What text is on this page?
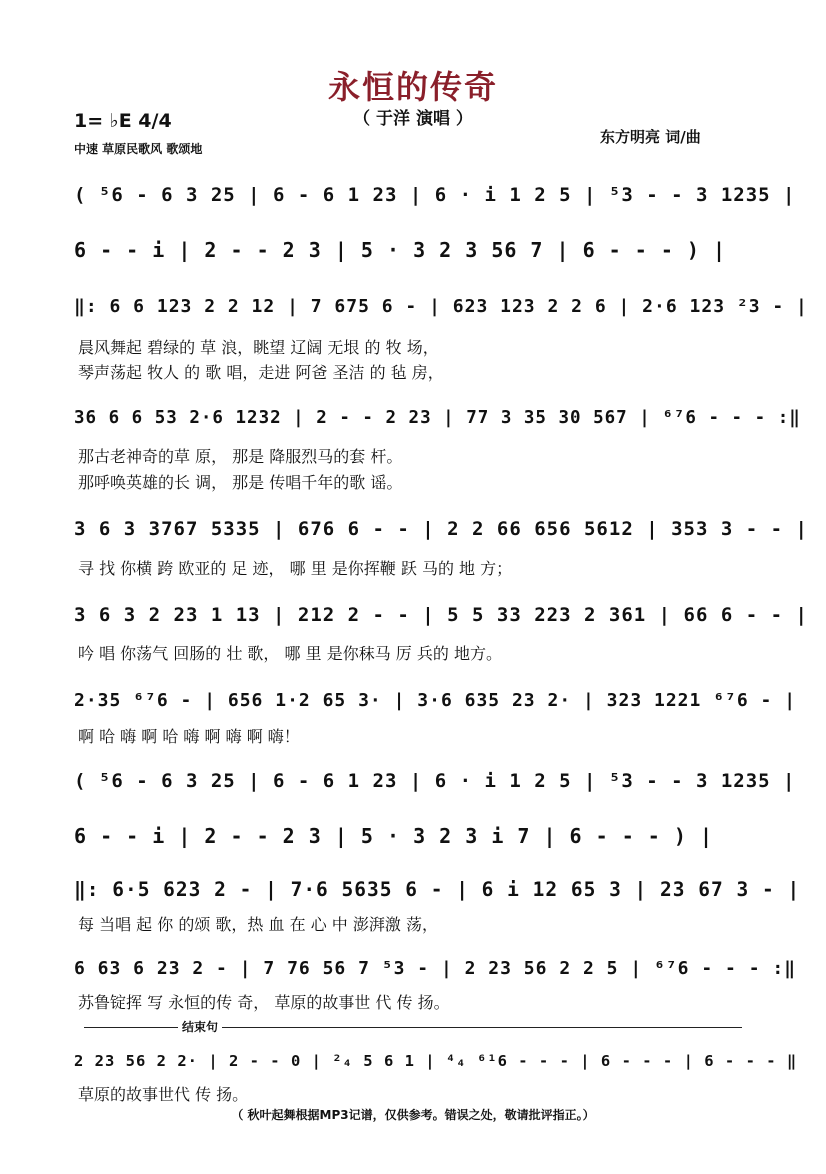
永恒的传奇
（ 于洋 演唱 ）
1= ♭E 4/4
中速 草原民歌风 歌颂地
东方明亮 词/曲
( ⁵6 - 6 3 25 | 6 - 6 1 23 | 6 · i 1 2 5 | ⁵3 - - 3 1235 |
6 - - i | 2 - - 2 3 | 5 · 3 2 3 56 7 | 6 - - - ) |
‖: 6 6 123 2 2 12 | 7 675 6 - | 623 123 2 2 6 | 2·6 123 ²3 - |
晨风舞起 碧绿的 草 浪，眺望 辽阔 无垠 的 牧 场，
琴声荡起 牧人 的 歌 唱，走进 阿爸 圣洁 的 毡 房，
36 6 6 53 2·6 1232 | 2 - - 2 23 | 77 3 35 30 567 | ⁶⁷6 - - - :‖
那古老神奇的草 原， 那是 降服烈马的套 杆。
那呼唤英雄的长 调， 那是 传唱千年的歌 谣。
3 6 3 3767 5335 | 676 6 - - | 2 2 66 656 5612 | 353 3 - - |
寻 找 你横 跨 欧亚的 足 迹， 哪 里 是你挥鞭 跃 马的 地 方；
3 6 3 2 23 1 13 | 212 2 - - | 5 5 33 223 2 361 | 66 6 - - |
吟 唱 你荡气 回肠的 壮 歌， 哪 里 是你秣马 厉 兵的 地方。
2·35 ⁶⁷6 - | 656 1·2 65 3· | 3·6 635 23 2· | 323 1221 ⁶⁷6 - |
啊 哈 嗨 啊 哈 嗨 啊 嗨 啊 嗨！
( ⁵6 - 6 3 25 | 6 - 6 1 23 | 6 · i 1 2 5 | ⁵3 - - 3 1235 |
6 - - i | 2 - - 2 3 | 5 · 3 2 3 i 7 | 6 - - - ) |
‖: 6·5 623 2 - | 7·6 5635 6 - | 6 i 12 65 3 | 23 67 3 - |
每 当唱 起 你 的颂 歌，热 血 在 心 中 澎湃激 荡，
6 63 6 23 2 - | 7 76 56 7 ⁵3 - | 2 23 56 2 2 5 | ⁶⁷6 - - - :‖
苏鲁锭挥 写 永恒的传 奇， 草原的故事世 代 传 扬。
结束句
2 23 56 2 2· | 2 - - 0 | ²₄ 5 6 1 | ⁴₄ ⁶¹6 - - - | 6 - - - | 6 - - - ‖
草原的故事世代 传 扬。
（ 秋叶起舞根据MP3记谱，仅供参考。错误之处，敬请批评指正。）
